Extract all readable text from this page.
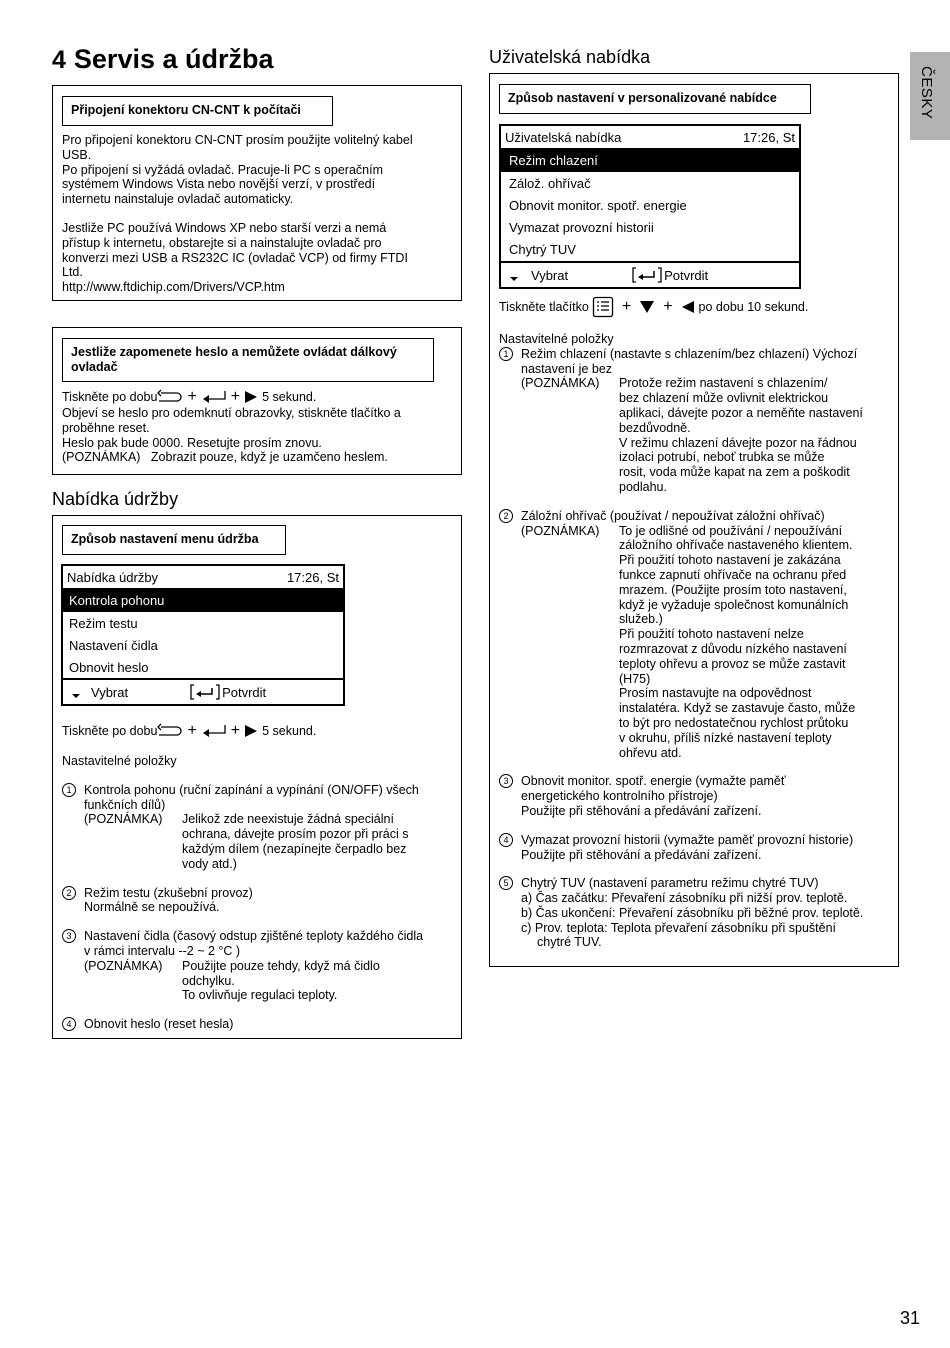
4 Servis a údržba
ČESKY
Připojení konektoru CN-CNT k počítači

Pro připojení konektoru CN-CNT prosím použijte volitelný kabel

USB.

Po připojení si vyžádá ovladač. Pracuje-li PC s operačním

systémem Windows Vista nebo novější verzí, v prostředí

internetu nainstaluje ovladač automaticky.

Jestliže PC používá Windows XP nebo starší verzi a nemá

přístup k internetu, obstarejte si a nainstalujte ovladač pro

konverzi mezi USB a RS232C IC (ovladač VCP) od firmy FTDI

Ltd.

http://www.ftdichip.com/Drivers/VCP.htm

Jestliže zapomenete heslo a nemůžete ovládat dálkový
ovladač

Tiskněte po dobu + + 5 sekund.

Objeví se heslo pro odemknutí obrazovky, stiskněte tlačítko a

proběhne reset.

Heslo pak bude 0000. Resetujte prosím znovu.

(POZNÁMKA) Zobrazit pouze, když je uzamčeno heslem.

Nabídka údržby
Způsob nastavení menu údržba
Nabídka údržby	17:26, St
Kontrola pohonu
Režim testu
Nastavení čidla
Obnovit heslo
Vybrat	Potvrdit

Tiskněte po dobu + + 5 sekund.

Nastavitelné položky

1	Kontrola pohonu (ruční zapínání a vypínání (ON/OFF) všech

funkčních dílů)

(POZNÁMKA)	Jelikož zde neexistuje žádná speciální

ochrana, dávejte prosím pozor při práci s

každým dílem (nezapínejte čerpadlo bez

vody atd.)

2	Režim testu (zkušební provoz)

Normálně se nepoužívá.

3	Nastavení čidla (časový odstup zjištěné teploty každého čidla

v rámci intervalu --2 ~ 2 °C )

(POZNÁMKA)	Použijte pouze tehdy, když má čidlo

odchylku.

To ovlivňuje regulaci teploty.

4	Obnovit heslo (reset hesla)

Uživatelská nabídka
Způsob nastavení v personalizované nabídce
Uživatelská nabídka	17:26, St
Režim chlazení
Zálož. ohřívač
Obnovit monitor. spotř. energie
Vymazat provozní historii
Chytrý TUV
Vybrat	Potvrdit

Tiskněte tlačítko + + po dobu 10 sekund.

Nastavitelné položky

1	Režim chlazení (nastavte s chlazením/bez chlazení) Výchozí

nastavení je bez

(POZNÁMKA)	Protože režim nastavení s chlazením/

bez chlazení může ovlivnit elektrickou

aplikaci, dávejte pozor a neměňte nastavení

bezdůvodně.

V režimu chlazení dávejte pozor na řádnou

izolaci potrubí, neboť trubka se může

rosit, voda může kapat na zem a poškodit

podlahu.

2	Záložní ohřívač (používat / nepoužívat záložní ohřívač)

(POZNÁMKA)	To je odlišné od používání / nepoužívání

záložního ohřívače nastaveného klientem.

Při použití tohoto nastavení je zakázána

funkce zapnutí ohřívače na ochranu před

mrazem. (Použijte prosím toto nastavení,

když je vyžaduje společnost komunálních

služeb.)

Při použití tohoto nastavení nelze

rozmrazovat z důvodu nízkého nastavení

teploty ohřevu a provoz se může zastavit

(H75)

Prosím nastavujte na odpovědnost

instalatéra. Když se zastavuje často, může

to být pro nedostatečnou rychlost průtoku

v okruhu, příliš nízké nastavení teploty

ohřevu atd.

3	Obnovit monitor. spotř. energie (vymažte paměť

energetického kontrolního přístroje)

Použijte při stěhování a předávání zařízení.

4	Vymazat provozní historii (vymažte paměť provozní historie)

Použijte při stěhování a předávání zařízení.

5	Chytrý TUV (nastavení parametru režimu chytré TUV)

a) Čas začátku: Převaření zásobníku při nižší prov. teplotě.

b) Čas ukončení: Převaření zásobníku při běžné prov. teplotě.

c) Prov. teplota: Teplota převaření zásobníku při spuštění

chytré TUV.

31
